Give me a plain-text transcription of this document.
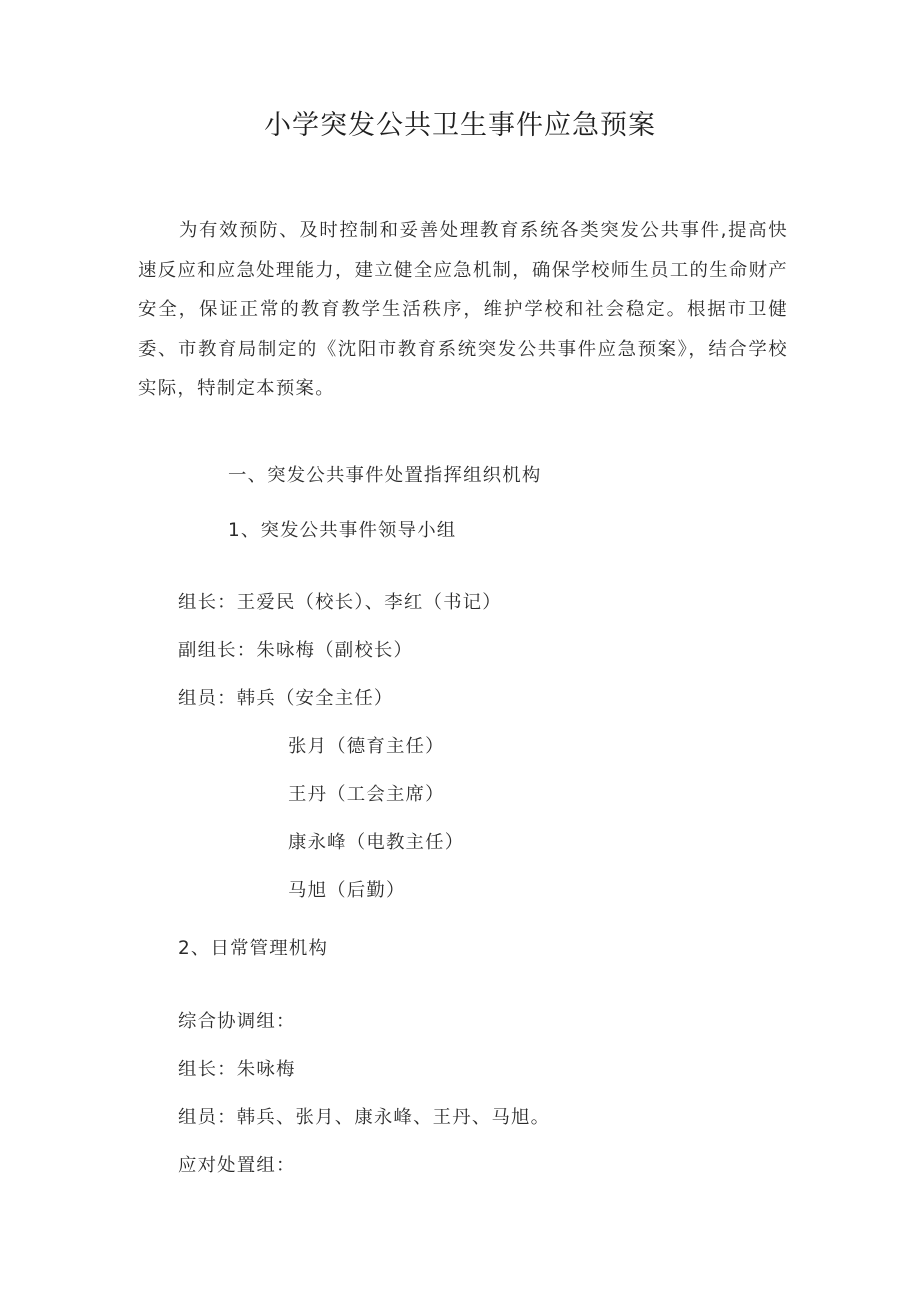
小学突发公共卫生事件应急预案

为有效预防、及时控制和妥善处理教育系统各类突发公共事件,提高快速反应和应急处理能力，建立健全应急机制，确保学校师生员工的生命财产安全，保证正常的教育教学生活秩序，维护学校和社会稳定。根据市卫健委、市教育局制定的《沈阳市教育系统突发公共事件应急预案》，结合学校实际，特制定本预案。

一、突发公共事件处置指挥组织机构

1、突发公共事件领导小组

组长：王爱民（校长）、李红（书记）

副组长：朱咏梅（副校长）

组员：韩兵（安全主任）

张月（德育主任）

王丹（工会主席）

康永峰（电教主任）

马旭（后勤）

2、日常管理机构

综合协调组：

组长：朱咏梅

组员：韩兵、张月、康永峰、王丹、马旭。

应对处置组：
